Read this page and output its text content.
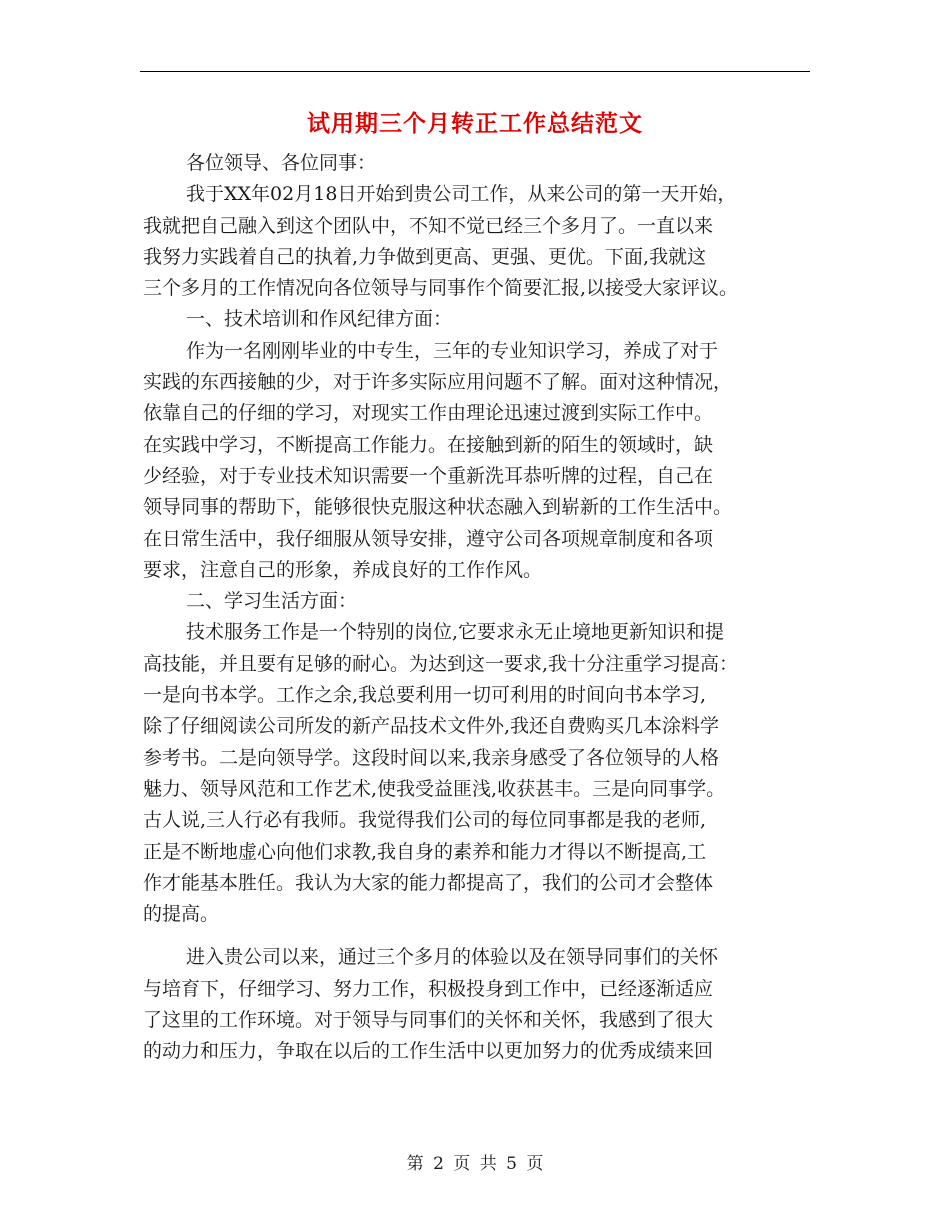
试用期三个月转正工作总结范文
各位领导、各位同事：
我于XX年02月18日开始到贵公司工作，从来公司的第一天开始，
我就把自己融入到这个团队中，不知不觉已经三个多月了。一直以来
我努力实践着自己的执着,力争做到更高、更强、更优。下面,我就这
三个多月的工作情况向各位领导与同事作个简要汇报,以接受大家评议。
一、技术培训和作风纪律方面：
作为一名刚刚毕业的中专生，三年的专业知识学习，养成了对于
实践的东西接触的少，对于许多实际应用问题不了解。面对这种情况，
依靠自己的仔细的学习，对现实工作由理论迅速过渡到实际工作中。
在实践中学习，不断提高工作能力。在接触到新的陌生的领域时，缺
少经验，对于专业技术知识需要一个重新洗耳恭听牌的过程，自己在
领导同事的帮助下，能够很快克服这种状态融入到崭新的工作生活中。
在日常生活中，我仔细服从领导安排，遵守公司各项规章制度和各项
要求，注意自己的形象，养成良好的工作作风。
二、学习生活方面：
技术服务工作是一个特别的岗位,它要求永无止境地更新知识和提
高技能，并且要有足够的耐心。为达到这一要求,我十分注重学习提高：
一是向书本学。工作之余,我总要利用一切可利用的时间向书本学习,
除了仔细阅读公司所发的新产品技术文件外,我还自费购买几本涂料学
参考书。二是向领导学。这段时间以来,我亲身感受了各位领导的人格
魅力、领导风范和工作艺术,使我受益匪浅,收获甚丰。三是向同事学。
古人说,三人行必有我师。我觉得我们公司的每位同事都是我的老师,
正是不断地虚心向他们求教,我自身的素养和能力才得以不断提高,工
作才能基本胜任。我认为大家的能力都提高了，我们的公司才会整体
的提高。
进入贵公司以来，通过三个多月的体验以及在领导同事们的关怀
与培育下，仔细学习、努力工作，积极投身到工作中，已经逐渐适应
了这里的工作环境。对于领导与同事们的关怀和关怀，我感到了很大
的动力和压力，争取在以后的工作生活中以更加努力的优秀成绩来回
第 2 页 共 5 页
